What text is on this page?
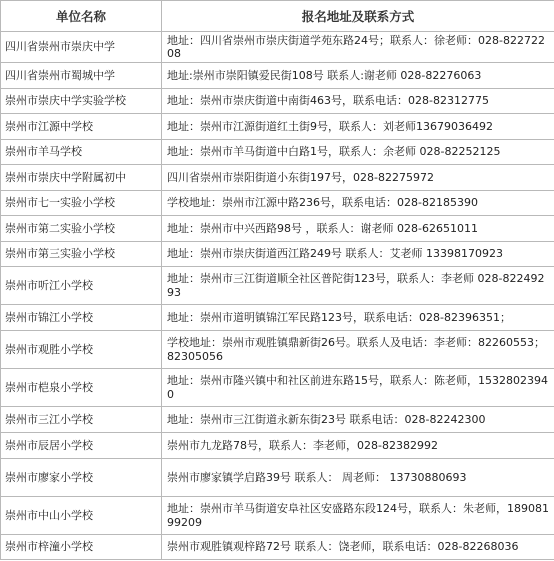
单位名称	报名地址及联系方式
四川省崇州市崇庆中学	地址：四川省崇州市崇庆街道学苑东路24号；联系人：徐老师：028-82272208
四川省崇州市蜀城中学	地址:崇州市崇阳镇爱民街108号 联系人:谢老师 028-82276063
崇州市崇庆中学实验学校	地址：崇州市崇庆街道中南街463号，联系电话：028-82312775
崇州市江源中学校	地址：崇州市江源街道红土街9号，联系人：刘老师13679036492
崇州市羊马学校	地址：崇州市羊马街道中白路1号，联系人：余老师 028-82252125
崇州市崇庆中学附属初中	四川省崇州市崇阳街道小东街197号，028-82275972
崇州市七一实验小学校	学校地址：崇州市江源中路236号，联系电话：028-82185390
崇州市第二实验小学校	地址：崇州市中兴西路98号 ，联系人：谢老师 028-62651011
崇州市第三实验小学校	地址：崇州市崇庆街道西江路249号 联系人：艾老师 13398170923
崇州市听江小学校	地址：崇州市三江街道顺全社区普陀街123号，联系人：李老师 028-82249293
崇州市锦江小学校	地址：崇州市道明镇锦江军民路123号，联系电话：028-82396351；
崇州市观胜小学校	学校地址：崇州市观胜镇鼎新街26号。联系人及电话：李老师：82260553；82305056
崇州市桤泉小学校	地址：崇州市隆兴镇中和社区前进东路15号，联系人：陈老师，15328023940
崇州市三江小学校	地址：崇州市三江街道永新东街23号 联系电话：028-82242300
崇州市辰居小学校	崇州市九龙路78号，联系人：李老师，028-82382992
崇州市廖家小学校	崇州市廖家镇学启路39号 联系人： 周老师： 13730880693
崇州市中山小学校	地址：崇州市羊马街道安阜社区安盛路东段124号，联系人：朱老师，18908199209
崇州市梓潼小学校	崇州市观胜镇观梓路72号 联系人：饶老师，联系电话：028-82268036
